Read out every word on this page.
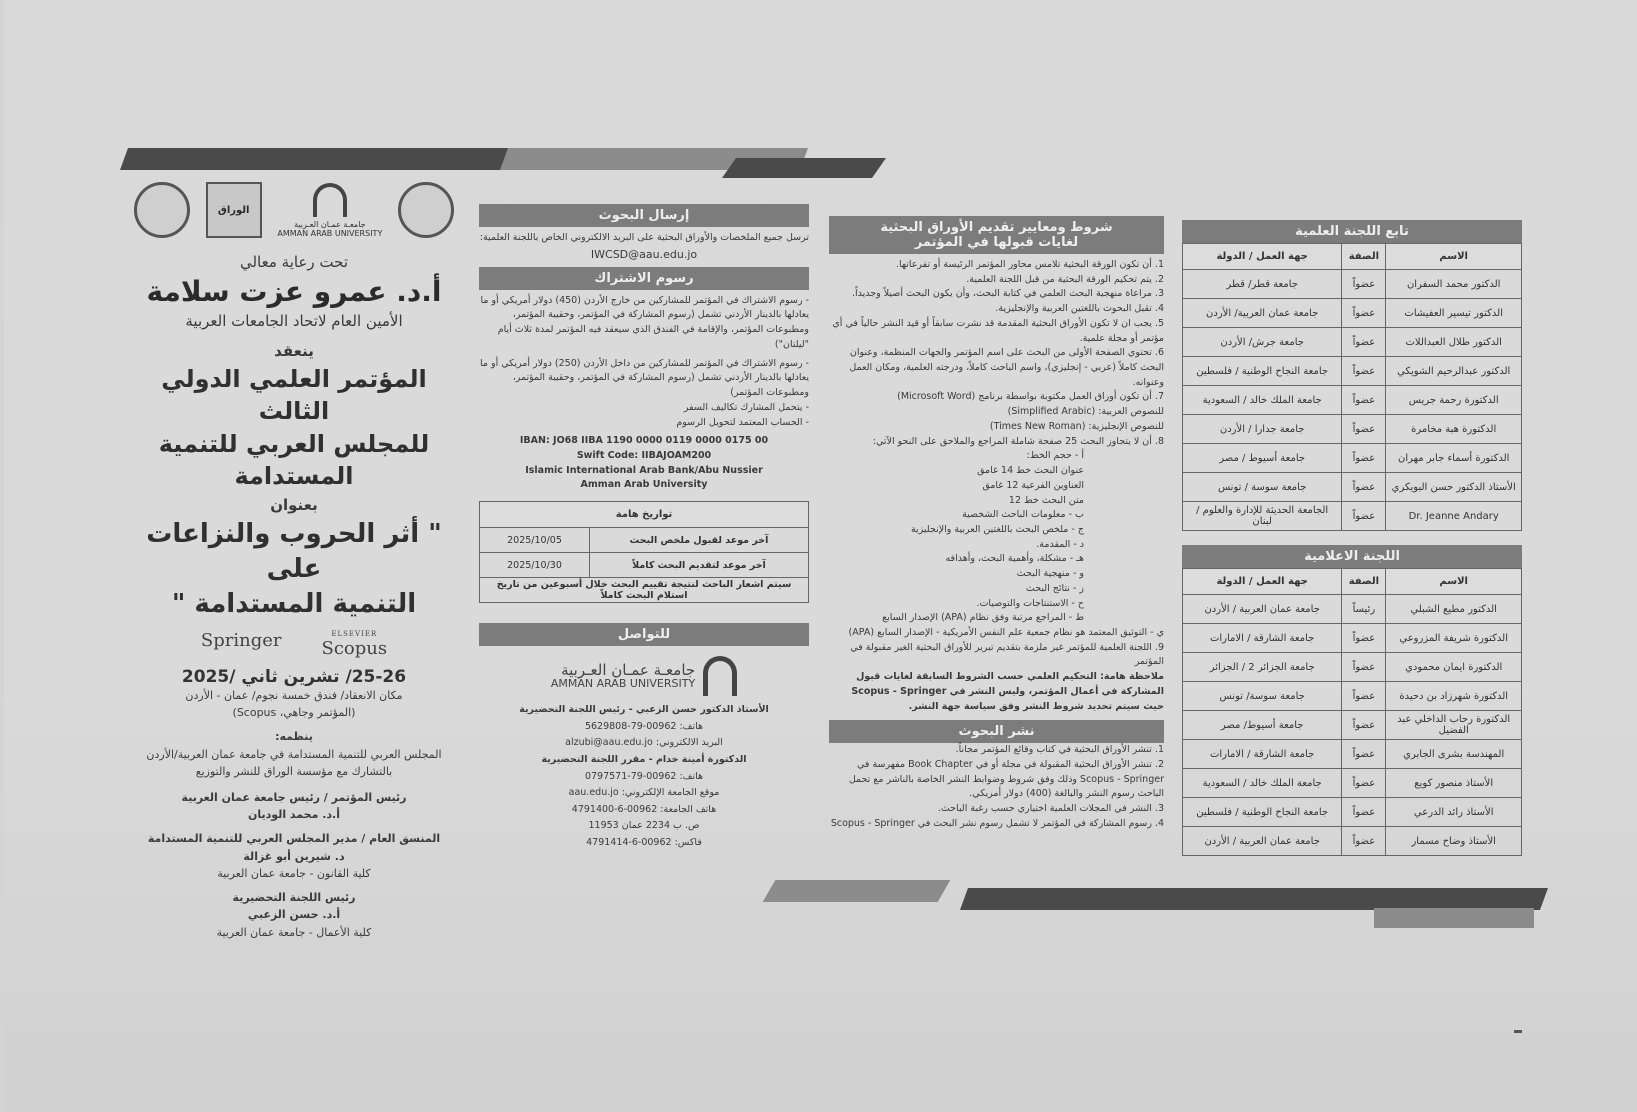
الوراق
جامعـة عمـان العـربية
AMMAN ARAB UNIVERSITY
تحت رعاية معالي
أ.د. عمرو عزت سلامة
الأمين العام لاتحاد الجامعات العربية
ينعقد
المؤتمر العلمي الدولي الثالث
للمجلس العربي للتنمية المستدامة
بعنوان
" أثر الحروب والنزاعات على
التنمية المستدامة "
Springer	ELSEVIER
Scopus
25-26/ تشرين ثاني /2025
مكان الانعقاد/ فندق خمسة نجوم/ عمان - الأردن
(المؤتمر وجاهي، Scopus)
ينظمه:
المجلس العربي للتنمية المستدامة في جامعة عمان العربية/الأردن
بالتشارك مع مؤسسة الوراق للنشر والتوزيع
رئيس المؤتمر / رئيس جامعة عمان العربية
أ.د. محمد الوديان
المنسق العام / مدير المجلس العربي للتنمية المستدامة
د. شيرين أبو غزالة
كلية القانون - جامعة عمان العربية
رئيس اللجنة التحضيرية
أ.د. حسن الزعبي
كلية الأعمال - جامعة عمان العربية
إرسال البحوث
ترسل جميع الملخصات والأوراق البحثية على البريد الالكتروني الخاص باللجنة العلمية:
IWCSD@aau.edu.jo
رسوم الاشتراك
- رسوم الاشتراك في المؤتمر للمشاركين من خارج الأردن (450) دولار أمريكي أو ما يعادلها بالدينار الأردني تشمل (رسوم المشاركة في المؤتمر، وحقيبة المؤتمر، ومطبوعات المؤتمر، والإقامة في الفندق الذي سيعقد فيه المؤتمر لمدة ثلاث أيام "ليلتان")
- رسوم الاشتراك في المؤتمر للمشاركين من داخل الأردن (250) دولار أمريكي أو ما يعادلها بالدينار الأردني تشمل (رسوم المشاركة في المؤتمر، وحقيبة المؤتمر، ومطبوعات المؤتمر)
- يتحمل المشارك تكاليف السفر
- الحساب المعتمد لتحويل الرسوم
IBAN: JO68 IIBA 1190 0000 0119 0000 0175 00
Swift Code: IIBAJOAM200
Islamic International Arab Bank/Abu Nussier
Amman Arab University
تواريخ هامة	
آخر موعد لقبول ملخص البحث	2025/10/05
آخر موعد لتقديم البحث كاملاً	2025/10/30
سيتم اشعار الباحث لنتيجة تقييم البحث خلال أسبوعين من تاريخ استلام البحث كاملاً	
للتواصل
جامعـة عمـان العـربية
AMMAN ARAB UNIVERSITY
الأستاذ الدكتور حسن الزعبي - رئيس اللجنة التحضيرية
هاتف: 00962-79-5629808
البريد الالكتروني: alzubi@aau.edu.jo
الدكتورة أمينة خدام - مقرر اللجنة التحضيرية
هاتف: 00962-79-0797571
موقع الجامعة الإلكتروني: aau.edu.jo
هاتف الجامعة: 00962-6-4791400
ص. ب 2234 عمان 11953
فاكس: 00962-6-4791414
شروط ومعايير تقديم الأوراق البحثية
لغايات قبولها في المؤتمر
1. أن تكون الورقة البحثية تلامس محاور المؤتمر الرئيسة أو تفرعاتها.
2. يتم تحكيم الورقة البحثية من قبل اللجنة العلمية.
3. مراعاة منهجية البحث العلمي في كتابة البحث، وأن يكون البحث أصيلاً وجديداً.
4. تقبل البحوث باللغتين العربية والإنجليزية.
5. يجب ان لا تكون الأوراق البحثية المقدمة قد نشرت سابقاً أو قيد النشر حالياً في أي مؤتمر أو مجلة علمية.
6. تحتوي الصفحة الأولى من البحث على اسم المؤتمر والجهات المنظمة، وعنوان البحث كاملاً (عربي - إنجليزي)، واسم الباحث كاملاً، ودرجته العلمية، ومكان العمل وعنوانه.
7. أن تكون أوراق العمل مكتوبة بواسطة برنامج (Microsoft Word)
للنصوص العربية: (Simplified Arabic)
للنصوص الإنجليزية: (Times New Roman)
8. أن لا يتجاوز البحث 25 صفحة شاملة المراجع والملاحق على النحو الآتي:
أ - حجم الخط:
عنوان البحث خط 14 غامق
العناوين الفرعية 12 غامق
متن البحث خط 12
ب - معلومات الباحث الشخصية
ج - ملخص البحث باللغتين العربية والإنجليزية
د - المقدمة.
هـ - مشكلة، وأهمية البحث، وأهدافه
و - منهجية البحث
ز - نتائج البحث
ح - الاستنتاجات والتوصيات.
ط - المراجع مرتبة وفق نظام (APA) الإصدار السابع
ي - التوثيق المعتمد هو نظام جمعية علم النفس الأمريكية - الإصدار السابع (APA)
9. اللجنة العلمية للمؤتمر غير ملزمة بتقديم تبرير للأوراق البحثية الغير مقبولة في المؤتمر
ملاحظة هامة: التحكيم العلمي حسب الشروط السابقة لغايات قبول المشاركة في أعمال المؤتمر، وليس النشر في Scopus - Springer حيث سيتم تحديد شروط النشر وفق سياسة جهة النشر.
نشر البحوث
1. تنشر الأوراق البحثية في كتاب وقائع المؤتمر مجاناً.
2. تنشر الأوراق البحثية المقبولة في مجلة أو في Book Chapter مفهرسة في Scopus - Springer وذلك وفق شروط وضوابط النشر الخاصة بالناشر مع تحمل الباحث رسوم النشر والبالغة (400) دولار أمريكي.
3. النشر في المجلات العلمية اختياري حسب رغبة الباحث.
4. رسوم المشاركة في المؤتمر لا تشمل رسوم نشر البحث في Scopus - Springer
تابع اللجنة العلمية
الاسم	الصفة	جهة العمل / الدولة
الدكتور محمد السفران	عضواً	جامعة قطر/ قطر
الدكتور تيسير العفيشات	عضواً	جامعة عمان العربية/ الأردن
الدكتور طلال العبداللات	عضواً	جامعة جرش/ الأردن
الدكتور عبدالرحيم الشويكي	عضواً	جامعة النجاح الوطنية / فلسطين
الدكتورة رحمة جريس	عضواً	جامعة الملك خالد / السعودية
الدكتورة هبة مخامرة	عضواً	جامعة جدارا / الأردن
الدكتورة أسماء جابر مهران	عضواً	جامعة أسيوط / مصر
الأستاذ الدكتور حسن البويكري	عضواً	جامعة سوسة / تونس
Dr. Jeanne Andary	عضواً	الجامعة الحديثة للإدارة والعلوم / لبنان
اللجنة الاعلامية
الاسم	الصفة	جهة العمل / الدولة
الدكتور مطيع الشبلي	رئيساً	جامعة عمان العربية / الأردن
الدكتورة شريفة المزروعي	عضواً	جامعة الشارقة / الامارات
الدكتورة ايمان محمودي	عضواً	جامعة الجزائر 2 / الجزائر
الدكتورة شهرزاد بن دحيدة	عضواً	جامعة سوسة/ تونس
الدكتورة رحاب الداخلي عبد الفضيل	عضواً	جامعة أسيوط/ مصر
المهندسة بشرى الجابري	عضواً	جامعة الشارقة / الامارات
الأستاذ منصور كويع	عضواً	جامعة الملك خالد / السعودية
الأستاذ رائد الدرعي	عضواً	جامعة النجاح الوطنية / فلسطين
الأستاذ وضاح مسمار	عضواً	جامعة عمان العربية / الأردن
